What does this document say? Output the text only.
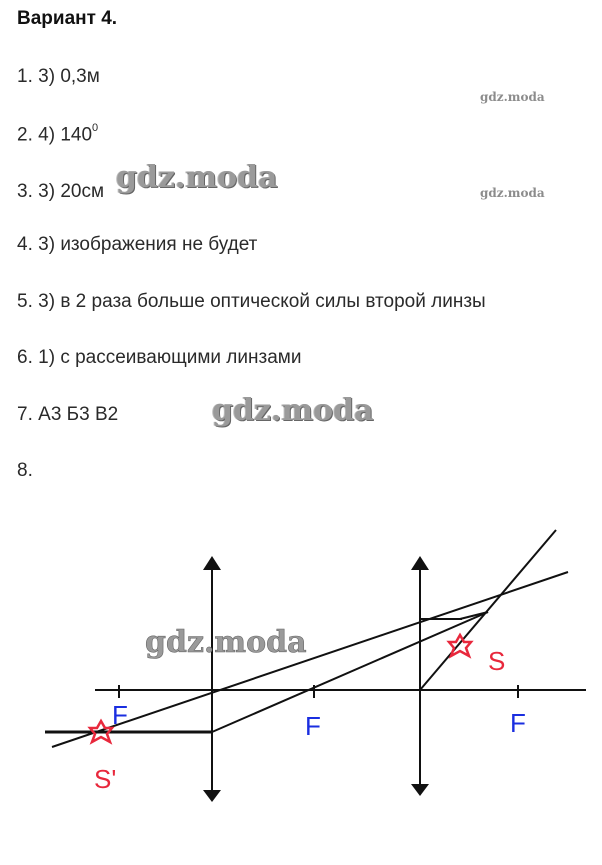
Вариант 4.
1. 3) 0,3м
2. 4) $140^0$
3. 3) 20см
4. 3) изображения не будет
5. 3) в 2 раза больше оптической силы второй линзы
6. 1) с рассеивающими линзами
7. А3 Б3 В2
8.
gdz.moda
gdz.moda
gdz.moda
gdz.moda
F	F	F
S
S'
gdz.moda
